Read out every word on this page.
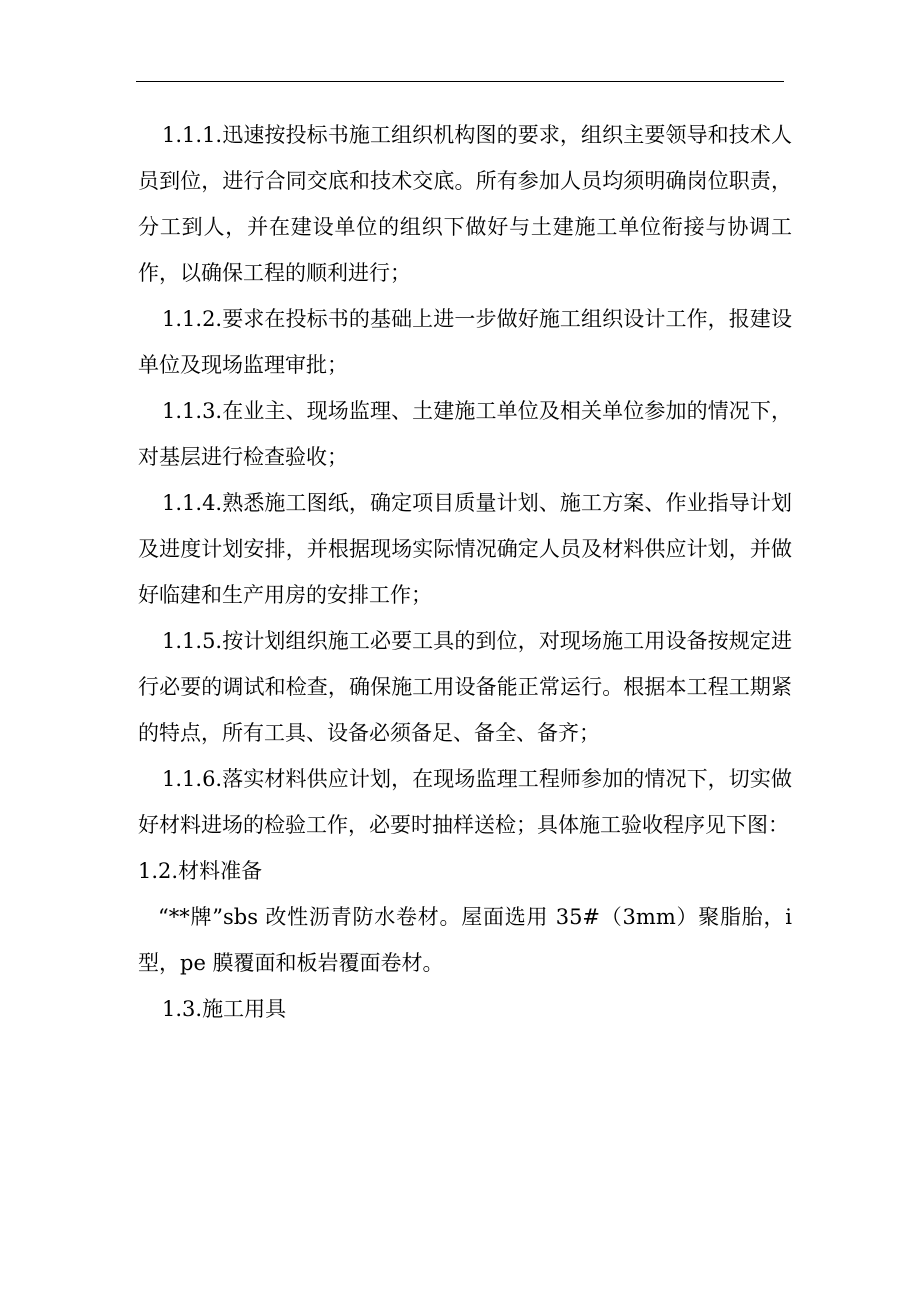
1.1.1.迅速按投标书施工组织机构图的要求，组织主要领导和技术人员到位，进行合同交底和技术交底。所有参加人员均须明确岗位职责，分工到人，并在建设单位的组织下做好与土建施工单位衔接与协调工作，以确保工程的顺利进行；

1.1.2.要求在投标书的基础上进一步做好施工组织设计工作，报建设单位及现场监理审批；

1.1.3.在业主、现场监理、土建施工单位及相关单位参加的情况下，对基层进行检查验收；

1.1.4.熟悉施工图纸，确定项目质量计划、施工方案、作业指导计划及进度计划安排，并根据现场实际情况确定人员及材料供应计划，并做好临建和生产用房的安排工作；

1.1.5.按计划组织施工必要工具的到位，对现场施工用设备按规定进行必要的调试和检查，确保施工用设备能正常运行。根据本工程工期紧的特点，所有工具、设备必须备足、备全、备齐；

1.1.6.落实材料供应计划，在现场监理工程师参加的情况下，切实做好材料进场的检验工作，必要时抽样送检；具体施工验收程序见下图：

1.2.材料准备

“**牌”sbs 改性沥青防水卷材。屋面选用 35#（3mm）聚脂胎，i 型，pe 膜覆面和板岩覆面卷材。

1.3.施工用具
